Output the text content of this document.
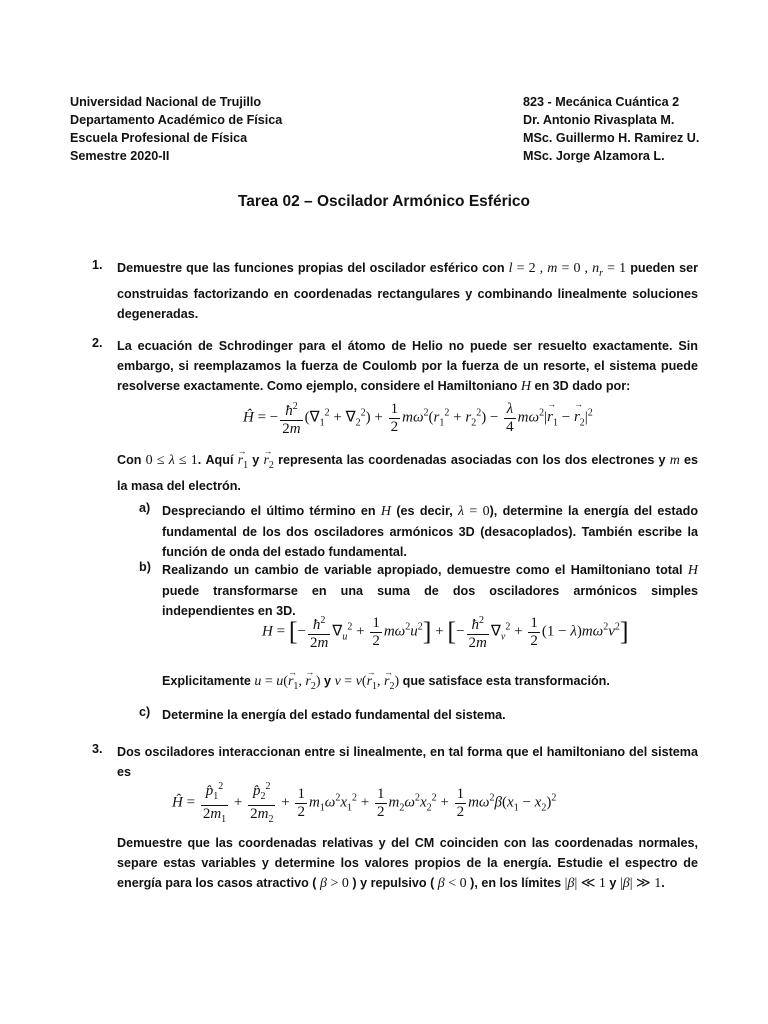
Universidad Nacional de Trujillo
Departamento Académico de Física
Escuela Profesional de Física
Semestre 2020-II
823 - Mecánica Cuántica 2
Dr. Antonio Rivasplata M.
MSc. Guillermo H. Ramirez U.
MSc. Jorge Alzamora L.
Tarea 02 – Oscilador Armónico Esférico
1.	Demuestre que las funciones propias del oscilador esférico con l = 2 , m = 0 , $n_r = 1$ pueden ser construidas factorizando en coordenadas rectangulares y combinando linealmente soluciones degeneradas.
2.	La ecuación de Schrodinger para el átomo de Helio no puede ser resuelto exactamente. Sin embargo, si reemplazamos la fuerza de Coulomb por la fuerza de un resorte, el sistema puede resolverse exactamente. Como ejemplo, considere el Hamiltoniano H en 3D dado por:
Ĥ = − $\frac{ħ^2}{2m} (\nabla_1^2 + \nabla_2^2) + \frac{1}{2} m\omega^2(r_1^2 + r_2^2) - \frac{\lambda}{4} m\omega^2|\to r_1$ − → $r_2|^2$
Con 0 ≤ λ ≤ 1. Aquí → $r_1$ $y \to r_2$ representa las coordenadas asociadas con los dos electrones y m es la masa del electrón.
a) Despreciando el último término en H (es decir, λ = 0), determine la energía del estado fundamental de los dos osciladores armónicos 3D (desacoplados). También escribe la función de onda del estado fundamental.
b) Realizando un cambio de variable apropiado, demuestre como el Hamiltoniano total H puede transformarse en una suma de dos osciladores armónicos simples independientes en 3D.
H = [− $\frac{ħ^2}{2m} \nabla_u^2 + \frac{1}{2} m\omega^2u^2$] + [− $\frac{ħ^2}{2m} \nabla_v^2 + \frac{1}{2} (1 - \lambda)m\omega^2v^2$]
Explicitamente $u = u(\to r_1$, → $r_2$) y $v = v(\to r_1$, → $r_2$) que satisface esta transformación.
c) Determine la energía del estado fundamental del sistema.
3.	Dos osciladores interaccionan entre si linealmente, en tal forma que el hamiltoniano del sistema es
Ĥ = $\frac{p̂_1^2}{2m_1} + \frac{p̂_2^2}{2m_2} + \frac{1}{2} m_1\omega^2x_1^2 + \frac{1}{2} m_2\omega^2x_2^2 + \frac{1}{2} m\omega^2\beta(x_1 - x_2)^2$
Demuestre que las coordenadas relativas y del CM coinciden con las coordenadas normales, separe estas variables y determine los valores propios de la energía. Estudie el espectro de energía para los casos atractivo ( β > 0 ) y repulsivo ( β < 0 ), en los límites |β| ≪ 1 y |β| ≫ 1.
